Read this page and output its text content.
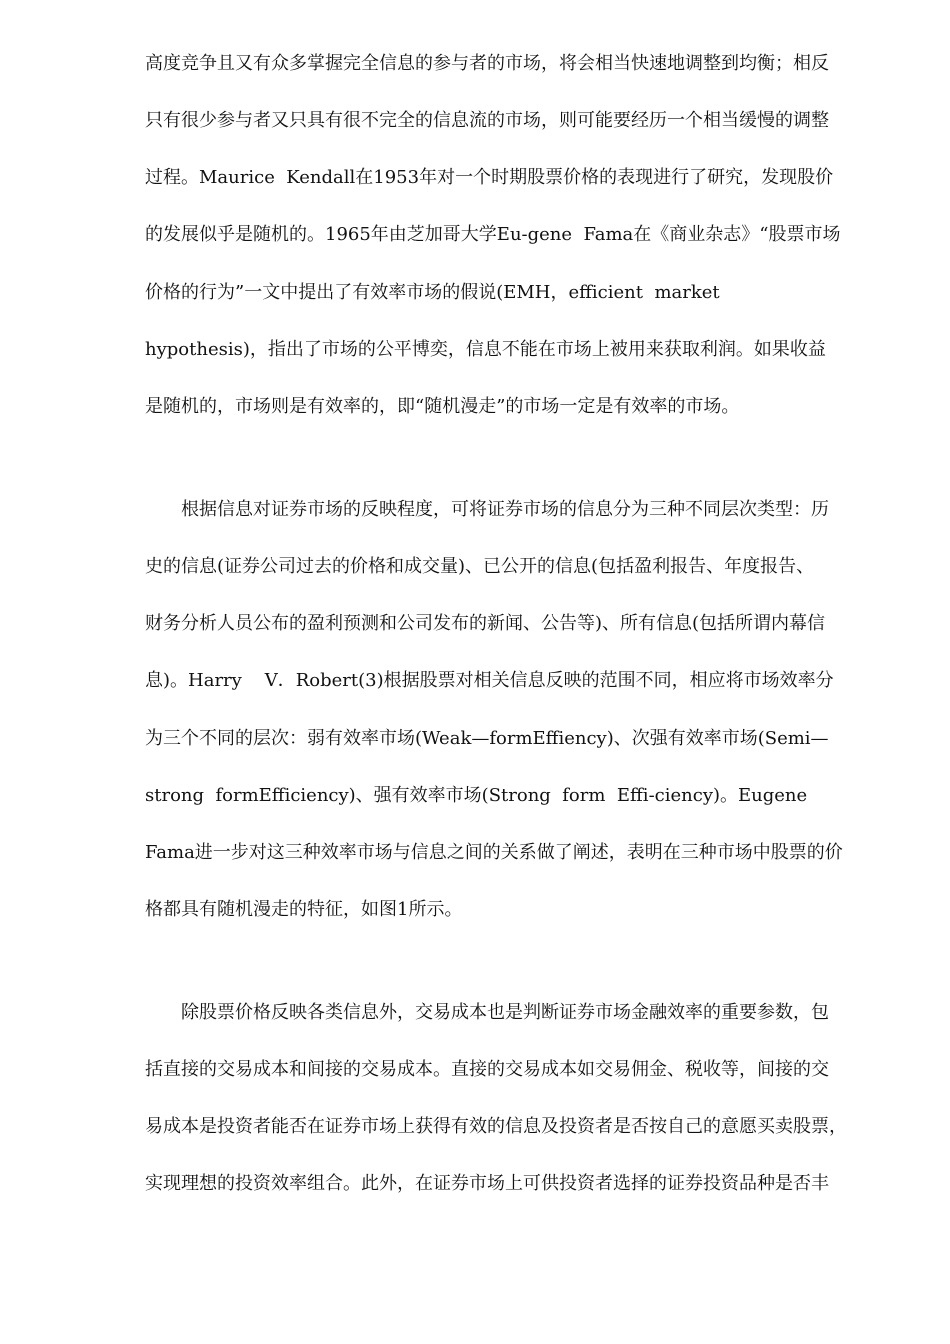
高度竞争且又有众多掌握完全信息的参与者的市场，将会相当快速地调整到均衡；相反
只有很少参与者又只具有很不完全的信息流的市场，则可能要经历一个相当缓慢的调整
过程。Maurice  Kendall在1953年对一个时期股票价格的表现进行了研究，发现股价
的发展似乎是随机的。1965年由芝加哥大学Eu-gene  Fama在《商业杂志》“股票市场
价格的行为”一文中提出了有效率市场的假说(EMH，efficient  market
hypothesis)，指出了市场的公平博奕，信息不能在市场上被用来获取利润。如果收益
是随机的，市场则是有效率的，即“随机漫走”的市场一定是有效率的市场。
根据信息对证券市场的反映程度，可将证券市场的信息分为三种不同层次类型：历
史的信息(证券公司过去的价格和成交量)、已公开的信息(包括盈利报告、年度报告、
财务分析人员公布的盈利预测和公司发布的新闻、公告等)、所有信息(包括所谓内幕信
息)。Harry    V．Robert(3)根据股票对相关信息反映的范围不同，相应将市场效率分
为三个不同的层次：弱有效率市场(Weak—formEffiency)、次强有效率市场(Semi—
strong  formEfficiency)、强有效率市场(Strong  form  Effi-ciency)。Eugene
Fama进一步对这三种效率市场与信息之间的关系做了阐述，表明在三种市场中股票的价
格都具有随机漫走的特征，如图1所示。
除股票价格反映各类信息外，交易成本也是判断证券市场金融效率的重要参数，包
括直接的交易成本和间接的交易成本。直接的交易成本如交易佣金、税收等，间接的交
易成本是投资者能否在证券市场上获得有效的信息及投资者是否按自己的意愿买卖股票，
实现理想的投资效率组合。此外，在证券市场上可供投资者选择的证券投资品种是否丰
